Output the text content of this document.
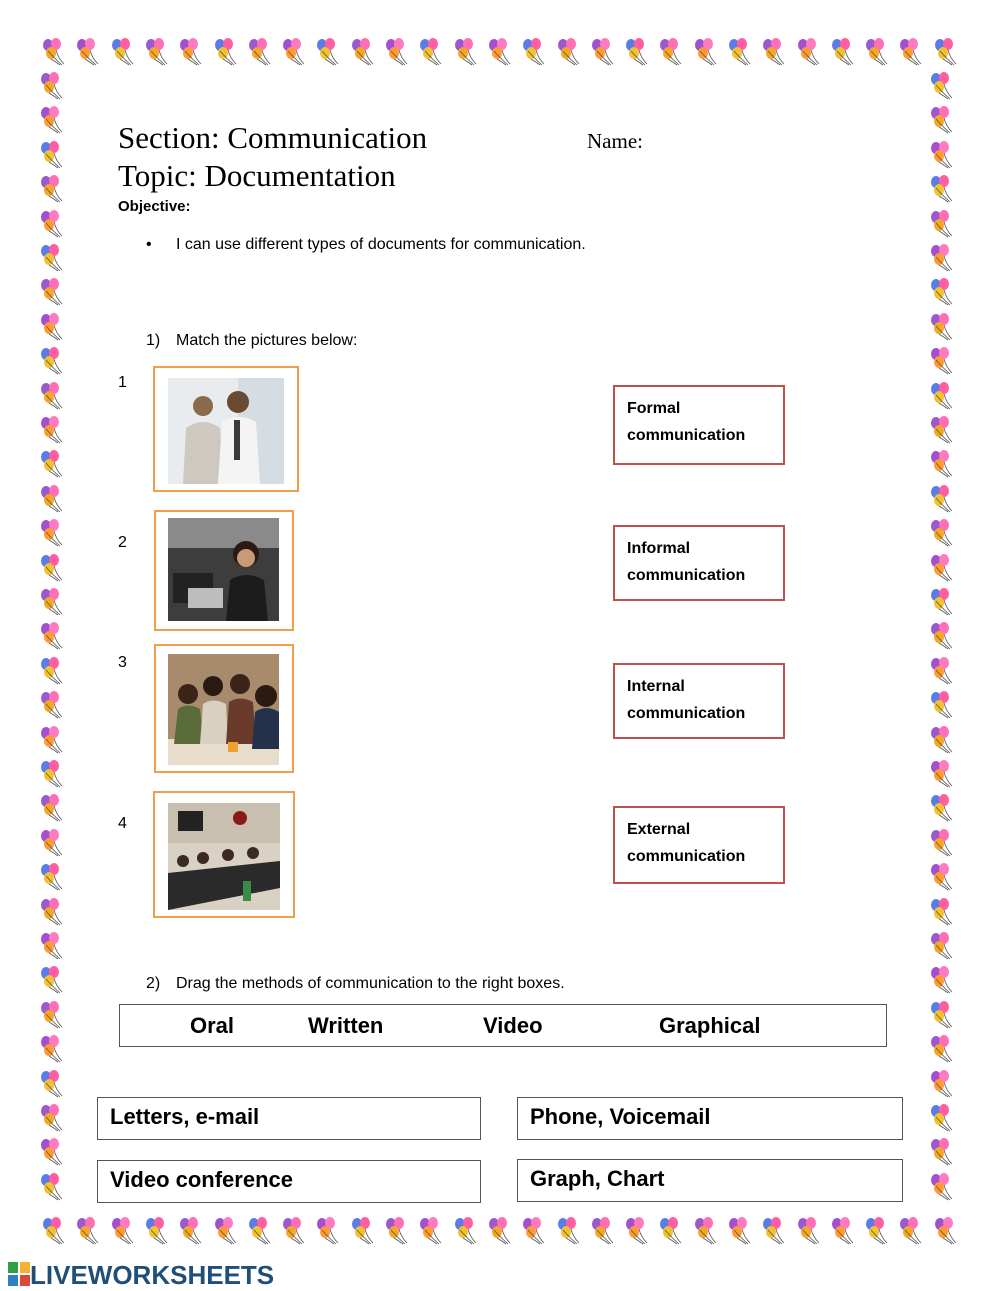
Section: Communication
Topic: Documentation
Name:
Objective:
• I can use different types of documents for communication.
1) Match the pictures below:
1
2
3
4
Formal
communication
Informal
communication
Internal
communication
External
communication
2) Drag the methods of communication to the right boxes.
Oral	Written	Video	Graphical
Letters, e-mail	Phone, Voicemail
Video conference	Graph, Chart
LIVEWORKSHEETS
